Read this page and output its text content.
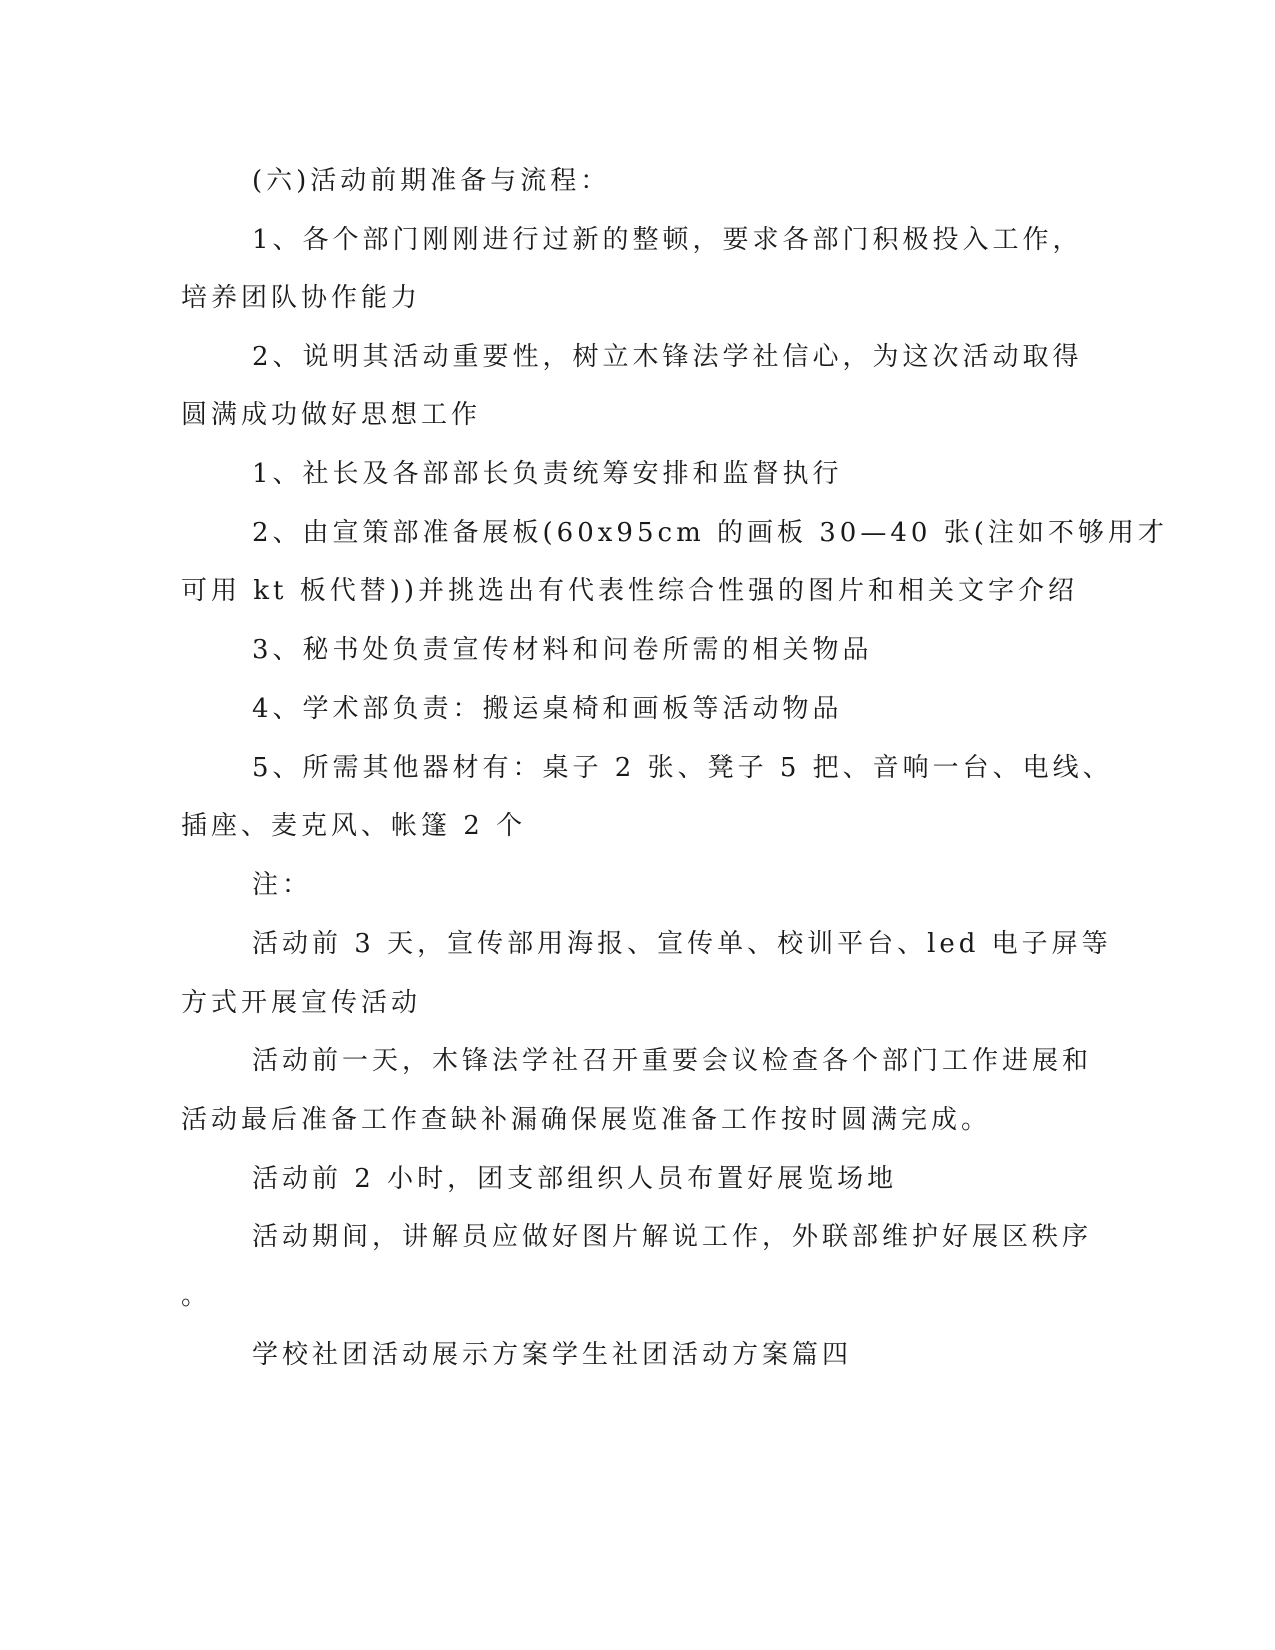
(六)活动前期准备与流程：
1、各个部门刚刚进行过新的整顿，要求各部门积极投入工作，
培养团队协作能力
2、说明其活动重要性，树立木锋法学社信心，为这次活动取得
圆满成功做好思想工作
1、社长及各部部长负责统筹安排和监督执行
2、由宣策部准备展板(60x95cm 的画板 30—40 张(注如不够用才
可用 kt 板代替))并挑选出有代表性综合性强的图片和相关文字介绍
3、秘书处负责宣传材料和问卷所需的相关物品
4、学术部负责：搬运桌椅和画板等活动物品
5、所需其他器材有：桌子 2 张、凳子 5 把、音响一台、电线、
插座、麦克风、帐篷 2 个
注：
活动前 3 天，宣传部用海报、宣传单、校训平台、led 电子屏等
方式开展宣传活动
活动前一天，木锋法学社召开重要会议检查各个部门工作进展和
活动最后准备工作查缺补漏确保展览准备工作按时圆满完成。
活动前 2 小时，团支部组织人员布置好展览场地
活动期间，讲解员应做好图片解说工作，外联部维护好展区秩序
。
学校社团活动展示方案学生社团活动方案篇四
